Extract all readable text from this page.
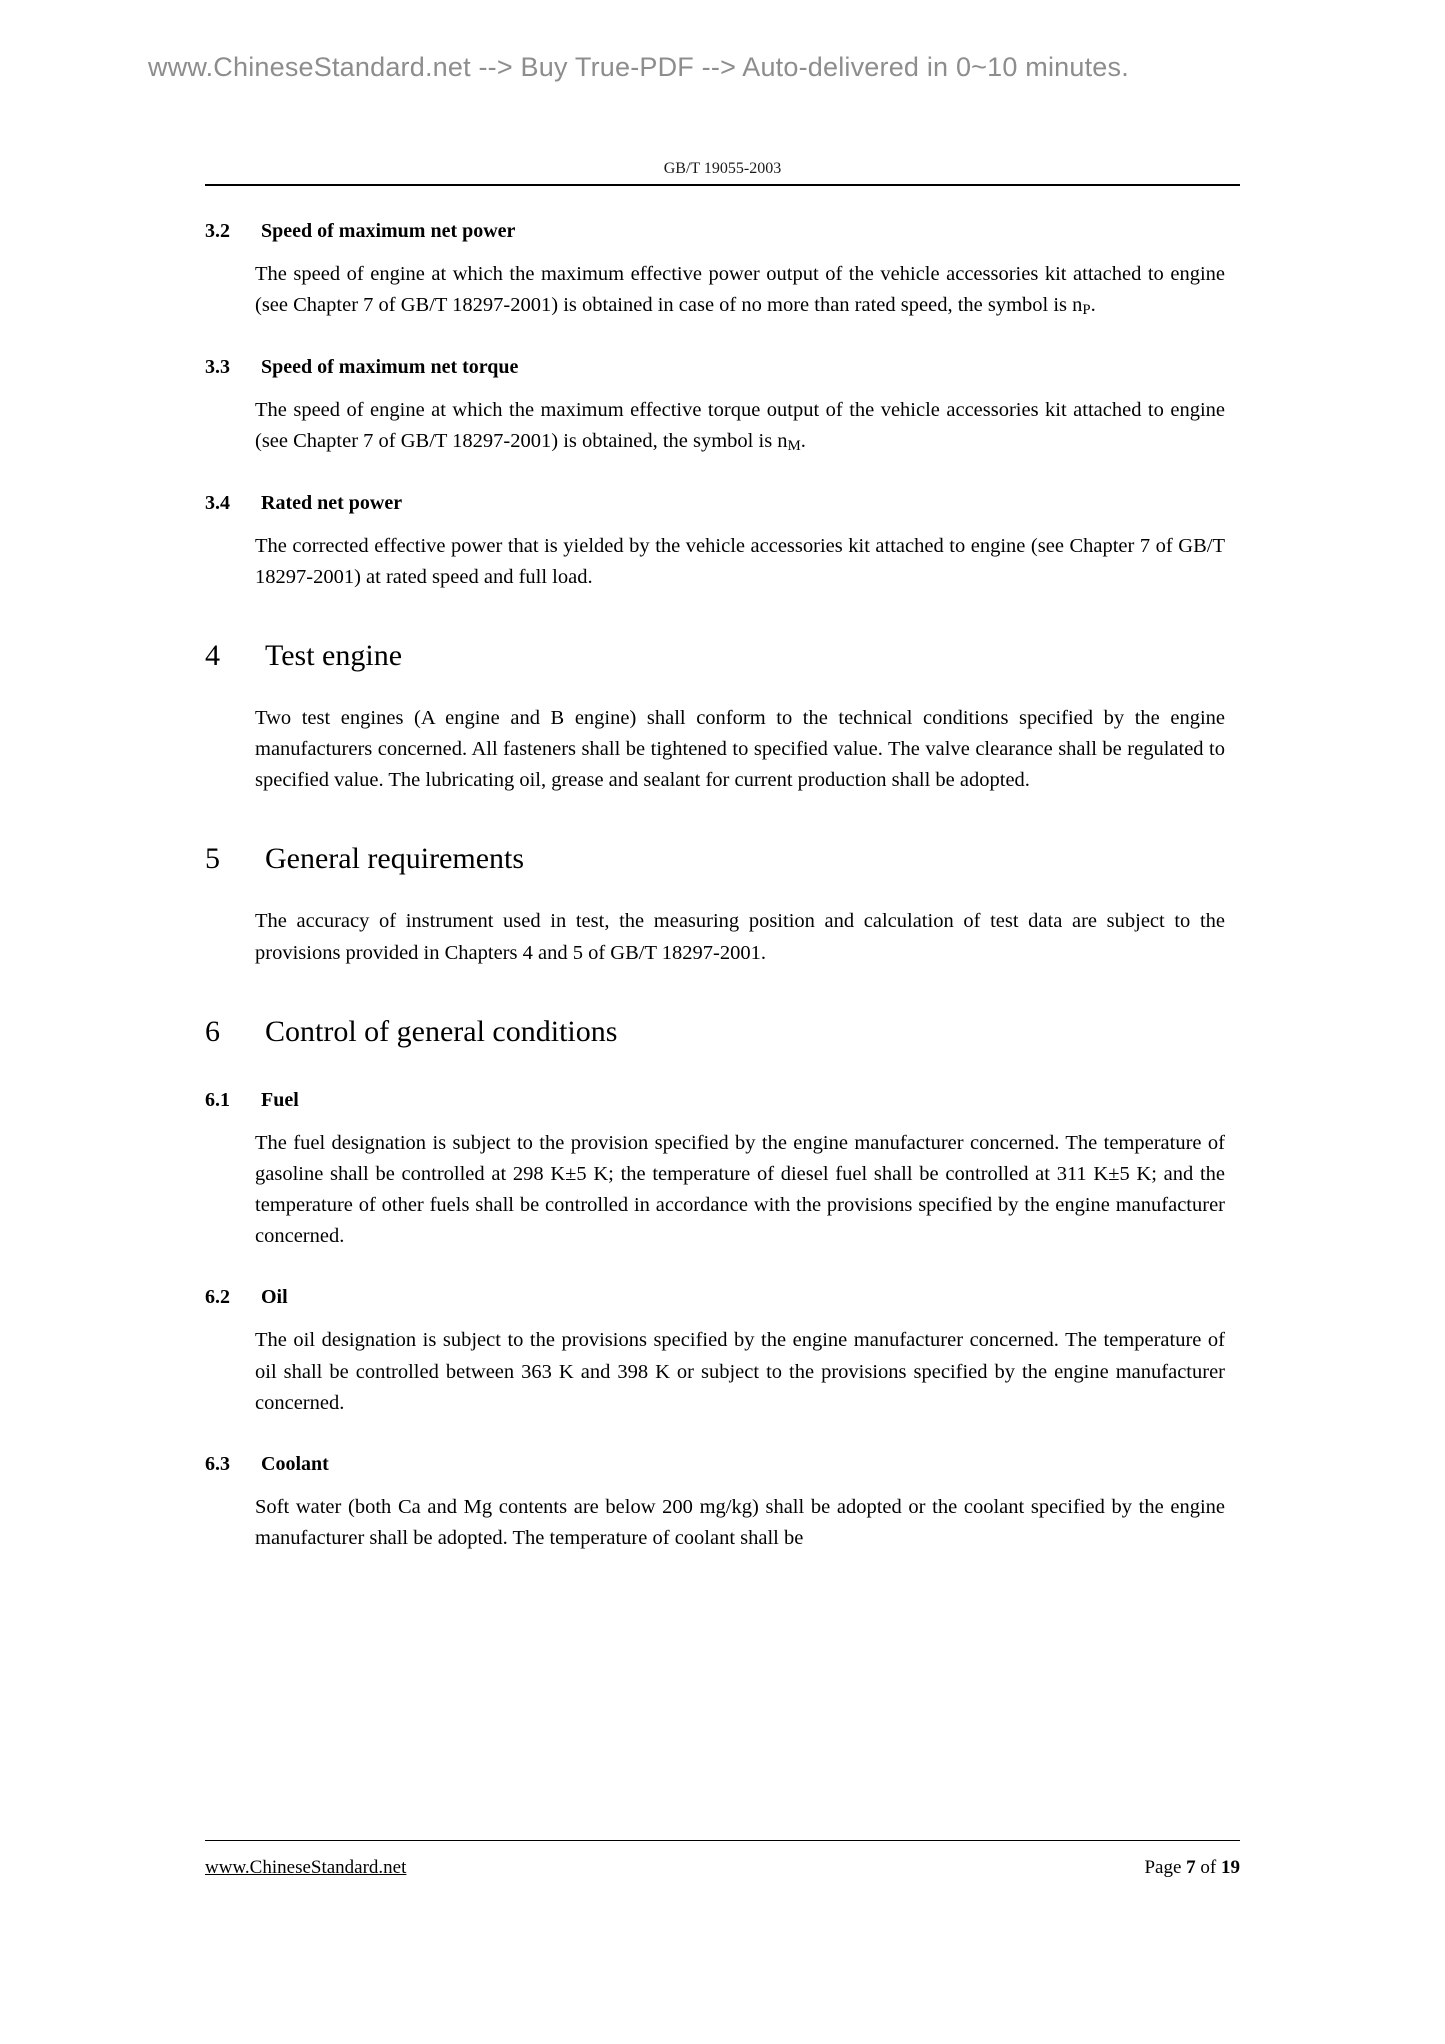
www.ChineseStandard.net --> Buy True-PDF --> Auto-delivered in 0~10 minutes.
GB/T 19055-2003
3.2	Speed of maximum net power

The speed of engine at which the maximum effective power output of the vehicle accessories kit attached to engine (see Chapter 7 of GB/T 18297-2001) is obtained in case of no more than rated speed, the symbol is $n_P$.

3.3	Speed of maximum net torque

The speed of engine at which the maximum effective torque output of the vehicle accessories kit attached to engine (see Chapter 7 of GB/T 18297-2001) is obtained, the symbol is $n_M$.

3.4	Rated net power

The corrected effective power that is yielded by the vehicle accessories kit attached to engine (see Chapter 7 of GB/T 18297-2001) at rated speed and full load.

4	Test engine

Two test engines (A engine and B engine) shall conform to the technical conditions specified by the engine manufacturers concerned. All fasteners shall be tightened to specified value. The valve clearance shall be regulated to specified value. The lubricating oil, grease and sealant for current production shall be adopted.

5	General requirements

The accuracy of instrument used in test, the measuring position and calculation of test data are subject to the provisions provided in Chapters 4 and 5 of GB/T 18297-2001.

6	Control of general conditions
6.1	Fuel

The fuel designation is subject to the provision specified by the engine manufacturer concerned. The temperature of gasoline shall be controlled at 298 K±5 K; the temperature of diesel fuel shall be controlled at 311 K±5 K; and the temperature of other fuels shall be controlled in accordance with the provisions specified by the engine manufacturer concerned.

6.2	Oil

The oil designation is subject to the provisions specified by the engine manufacturer concerned. The temperature of oil shall be controlled between 363 K and 398 K or subject to the provisions specified by the engine manufacturer concerned.

6.3	Coolant

Soft water (both Ca and Mg contents are below 200 mg/kg) shall be adopted or the coolant specified by the engine manufacturer shall be adopted. The temperature of coolant shall be

www.ChineseStandard.net	Page 7 of 19
